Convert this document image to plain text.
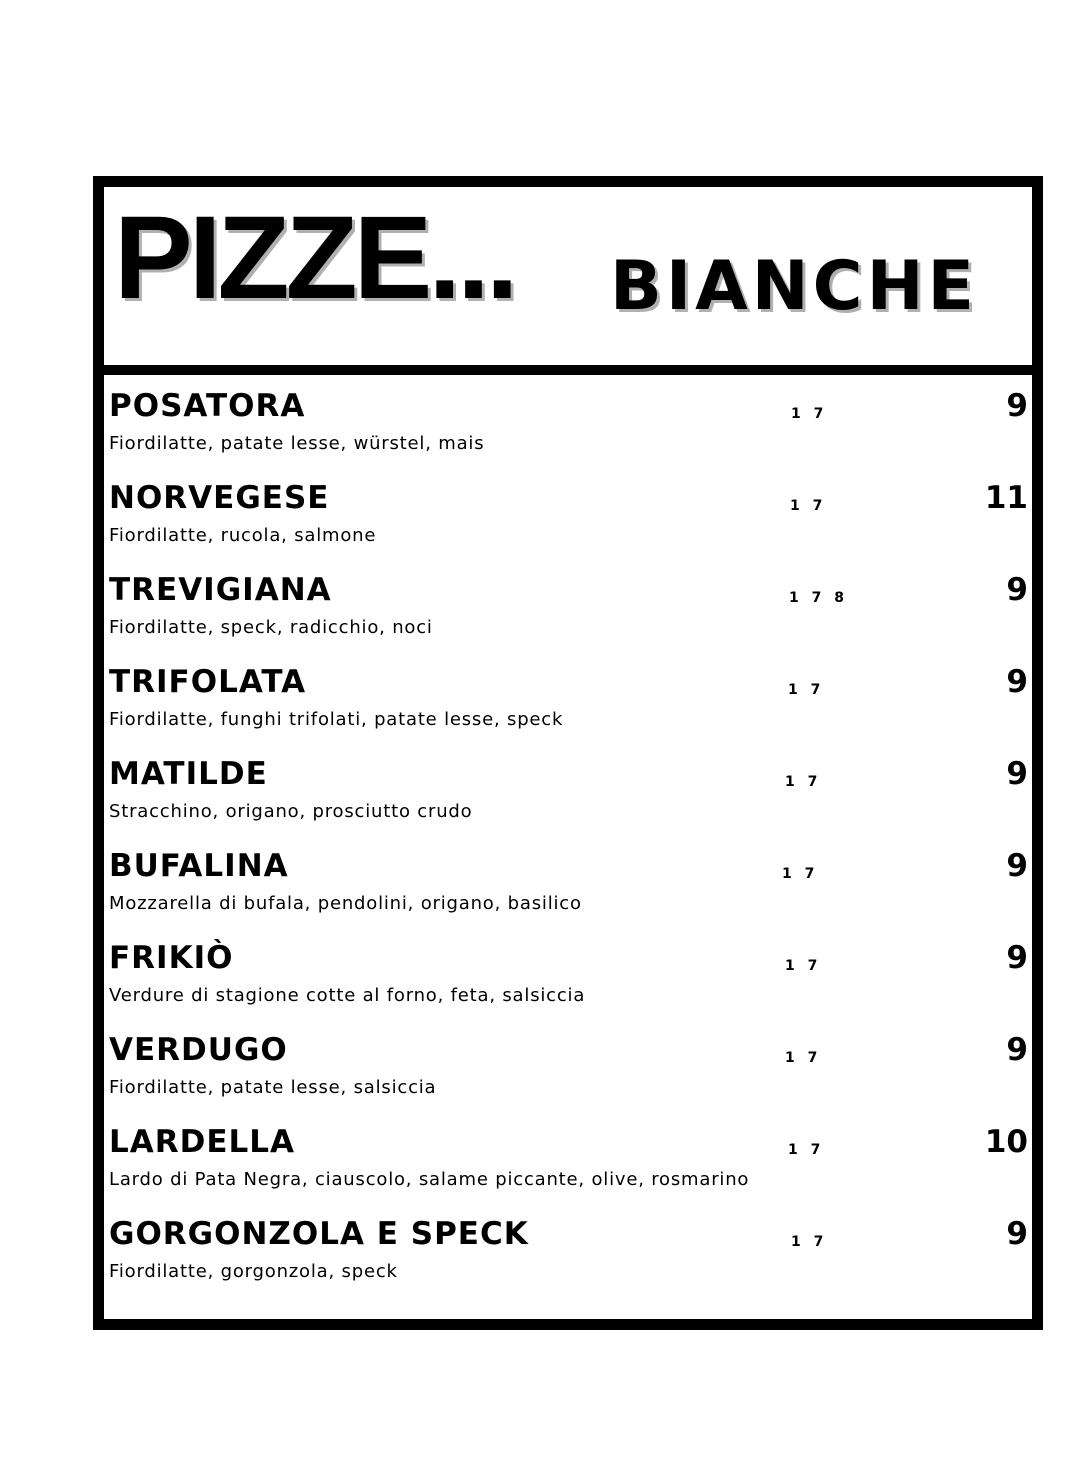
PIZZE... BIANCHE
POSATORA	1 7	9
Fiordilatte, patate lesse, würstel, mais
NORVEGESE	1 7	11
Fiordilatte, rucola, salmone
TREVIGIANA	1 7 8	9
Fiordilatte, speck, radicchio, noci
TRIFOLATA	1 7	9
Fiordilatte, funghi trifolati, patate lesse, speck
MATILDE	1 7	9
Stracchino, origano, prosciutto crudo
BUFALINA	1 7	9
Mozzarella di bufala, pendolini, origano, basilico
FRIKIÒ	1 7	9
Verdure di stagione cotte al forno, feta, salsiccia
VERDUGO	1 7	9
Fiordilatte, patate lesse, salsiccia
LARDELLA	1 7	10
Lardo di Pata Negra, ciauscolo, salame piccante, olive, rosmarino
GORGONZOLA E SPECK	1 7	9
Fiordilatte, gorgonzola, speck
